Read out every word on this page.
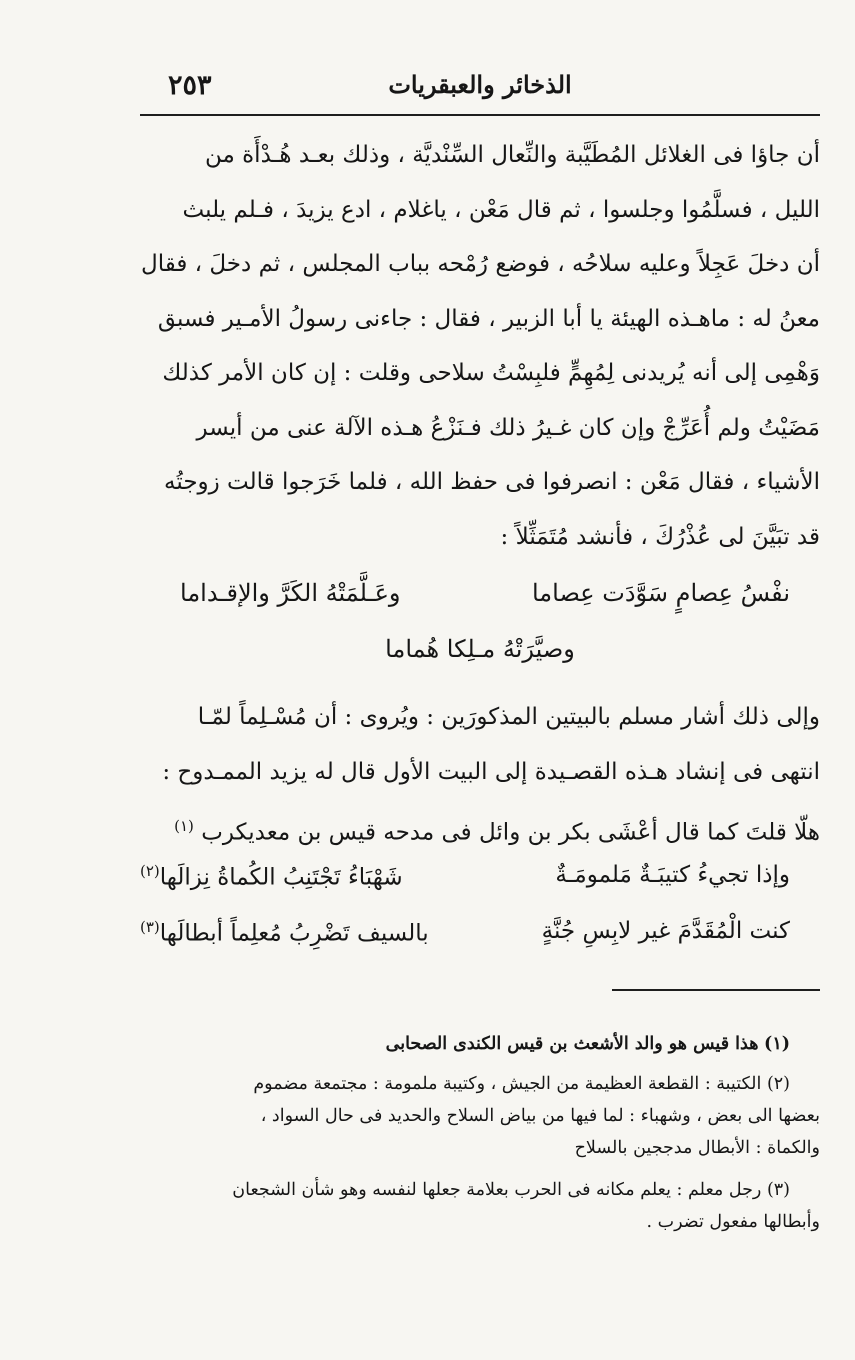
٢٥٣	الذخائر والعبقريات

أن جاؤا فى الغلائل المُطَيَّبة والنِّعال السِّنْديَّة ، وذلك بعـد هُـدْأَة من
الليل ، فسلَّمُوا وجلسوا ، ثم قال مَعْن ، ياغلام ، ادع يزيدَ ، فـلم يلبث
أن دخلَ عَجِلاً وعليه سلاحُه ، فوضع رُمْحه بباب المجلس ، ثم دخلَ ، فقال
معنُ له : ماهـذه الهيئة يا أبا الزبير ، فقال : جاءنى رسولُ الأمـير فسبق
وَهْمِى إلى أنه يُريدنى لِمُهِمٍّ فلبِسْتُ سلاحى وقلت : إن كان الأمر كذلك
مَضَيْتُ ولم أُعَرِّجْ وإن كان غـيرُ ذلك فـنَزْعُ هـذه الآلة عنى من أيسر
الأشياء ، فقال مَعْن : انصرفوا فى حفظ الله ، فلما خَرَجوا قالت زوجتُه
قد تبَيَّنَ لى عُذْرُكَ ، فأنشد مُتَمَثِّلاً :

نفْسُ عِصامٍ سَوَّدَت عِصاما
وعَـلَّمَتْهُ الكَرَّ والإقـداما
وصيَّرَتْهُ مـلِكا هُماما

وإلى ذلك أشار مسلم بالبيتين المذكورَين : ويُروى : أن مُسْـلِماً لمّـا
انتهى فى إنشاد هـذه القصـيدة إلى البيت الأول قال له يزيد الممـدوح :
هلّا قلتَ كما قال أعْشَى بكر بن وائل فى مدحه قيس بن معديكرب $^{(١)}$

وإذا تجيءُ كتيبَـةٌ مَلمومَـةٌ
شَهْبَاءُ تَجْتَنِبُ الكُماةُ نِزالَها$^{(٢)}$
كنت الْمُقَدَّمَ غير لابِسِ جُنَّةٍ
بالسيف تَضْرِبُ مُعلِماً أبطالَها$^{(٣)}$
(١) هذا قيس هو والد الأشعث بن قيس الكندى الصحابى
(٢) الكتيبة : القطعة العظيمة من الجيش ، وكتيبة ملمومة : مجتمعة مضموم
بعضها الى بعض ، وشهباء : لما فيها من بياض السلاح والحديد فى حال السواد ،
والكماة : الأبطال مدججين بالسلاح
(٣) رجل معلم : يعلم مكانه فى الحرب بعلامة جعلها لنفسه وهو شأن الشجعان
وأبطالها مفعول تضرب .
